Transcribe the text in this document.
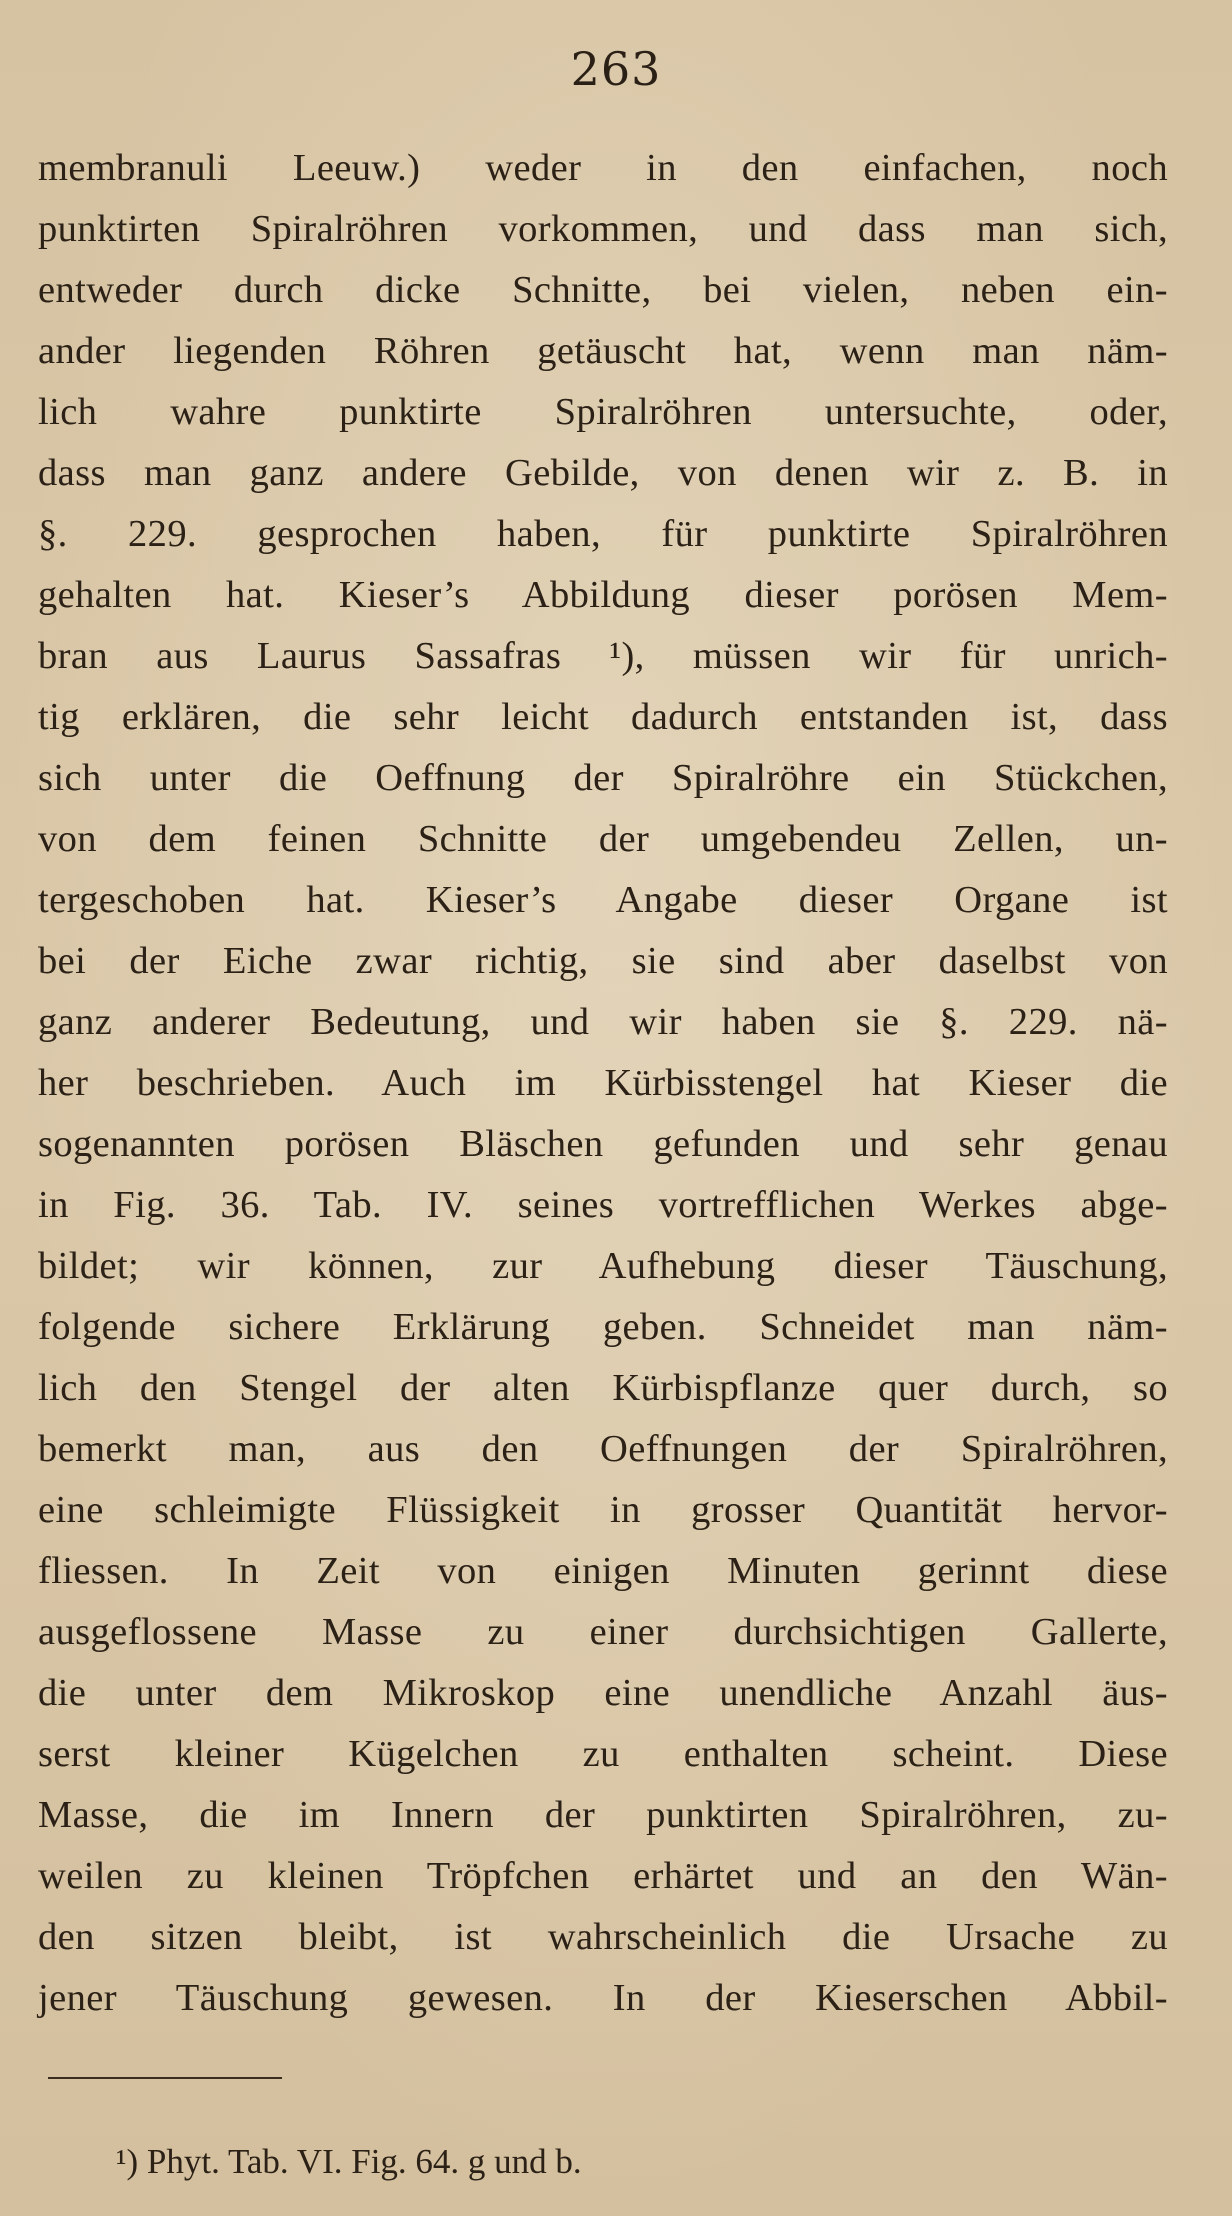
263
membranuli Leeuw.) weder in den einfachen, noch
punktirten Spiralröhren vorkommen, und dass man sich,
entweder durch dicke Schnitte, bei vielen, neben ein-
ander liegenden Röhren getäuscht hat, wenn man näm-
lich wahre punktirte Spiralröhren untersuchte, oder,
dass man ganz andere Gebilde, von denen wir z. B. in
§. 229. gesprochen haben, für punktirte Spiralröhren
gehalten hat. Kieser’s Abbildung dieser porösen Mem-
bran aus Laurus Sassafras ¹), müssen wir für unrich-
tig erklären, die sehr leicht dadurch entstanden ist, dass
sich unter die Oeffnung der Spiralröhre ein Stückchen,
von dem feinen Schnitte der umgebendeu Zellen, un-
tergeschoben hat. Kieser’s Angabe dieser Organe ist
bei der Eiche zwar richtig, sie sind aber daselbst von
ganz anderer Bedeutung, und wir haben sie §. 229. nä-
her beschrieben. Auch im Kürbisstengel hat Kieser die
sogenannten porösen Bläschen gefunden und sehr genau
in Fig. 36. Tab. IV. seines vortrefflichen Werkes abge-
bildet; wir können, zur Aufhebung dieser Täuschung,
folgende sichere Erklärung geben. Schneidet man näm-
lich den Stengel der alten Kürbispflanze quer durch, so
bemerkt man, aus den Oeffnungen der Spiralröhren,
eine schleimigte Flüssigkeit in grosser Quantität hervor-
fliessen. In Zeit von einigen Minuten gerinnt diese
ausgeflossene Masse zu einer durchsichtigen Gallerte,
die unter dem Mikroskop eine unendliche Anzahl äus-
serst kleiner Kügelchen zu enthalten scheint. Diese
Masse, die im Innern der punktirten Spiralröhren, zu-
weilen zu kleinen Tröpfchen erhärtet und an den Wän-
den sitzen bleibt, ist wahrscheinlich die Ursache zu
jener Täuschung gewesen. In der Kieserschen Abbil-
¹) Phyt. Tab. VI. Fig. 64. g und b.
